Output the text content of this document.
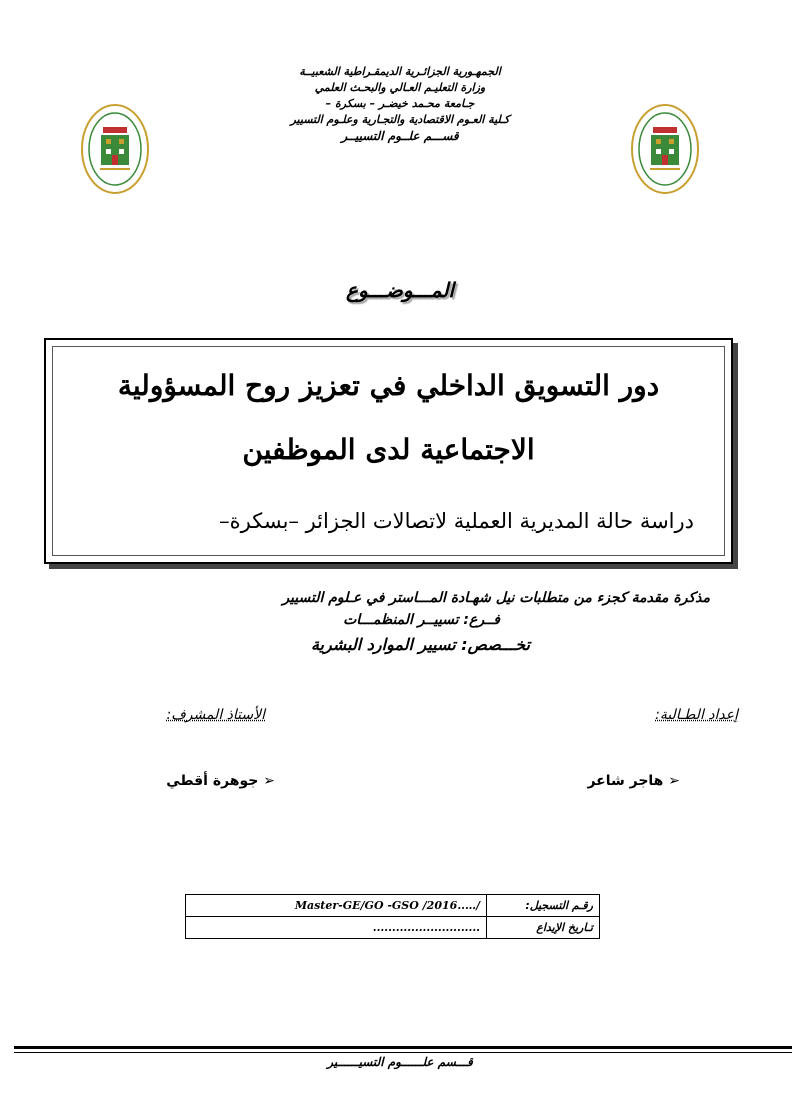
الجمهـورية الجزائـرية الديمقـراطية الشعبيــة
وزارة التعليـم العـالي والبحـث العلمي
جـامعة محـمد خيضـر – بسكرة –
كـلية العـوم الاقتصادية والتجـارية وعلـوم التسيير
قســـم علــوم التسييــر
المـــوضـــوع
دور التسويق الداخلي في تعزيز روح المسؤولية
الاجتماعية لدى الموظفين
دراسة حالة المديرية العملية لاتصالات الجزائر –بسكرة–
مذكرة مقدمة كجزء من متطلبات نيل شهـادة المـــاستر في عـلوم التسيير
فــرع: تسييــر المنظمـــات
تخـــصص: تسيير الموارد البشرية
إعداد الطـالبة:
الأستاذ المشرف:
➢ هاجر شاعر
➢ جوهرة أقطي
رقـم التسجيل:	/…..Master-GE/GO -GSO /2016
تـاريخ الإيداع	............................
قـــسم علــــــوم التسيــــــير
